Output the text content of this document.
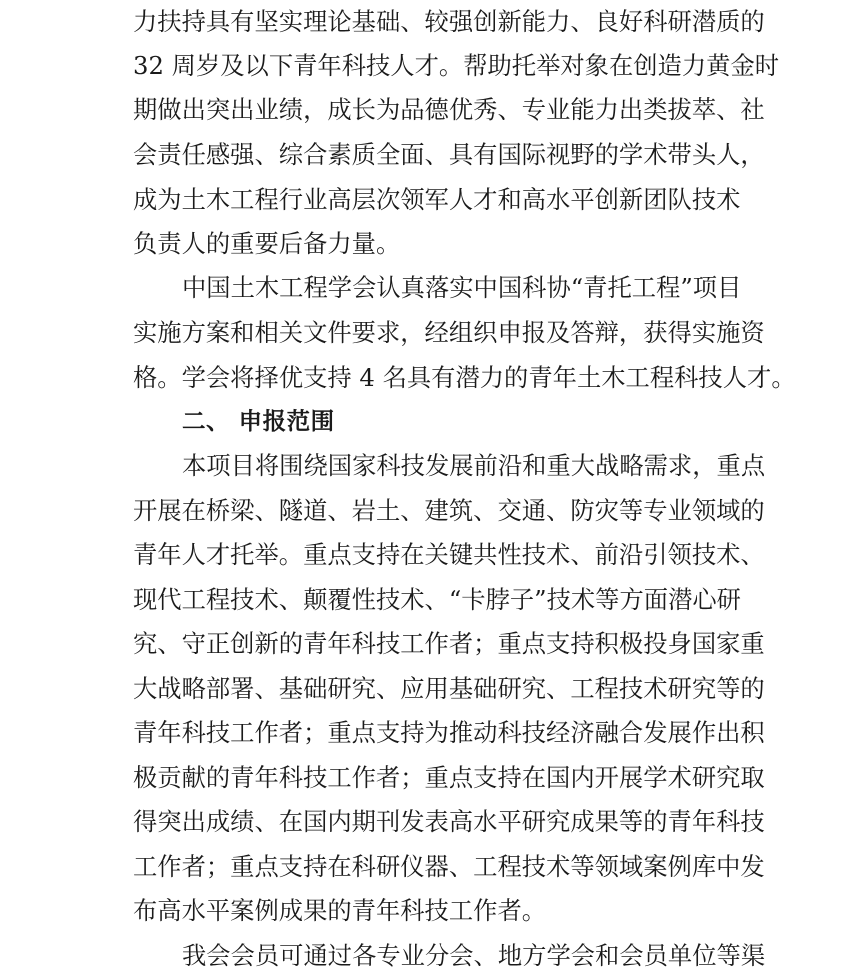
力扶持具有坚实理论基础、较强创新能力、良好科研潜质的
32 周岁及以下青年科技人才。帮助托举对象在创造力黄金时
期做出突出业绩，成长为品德优秀、专业能力出类拔萃、社
会责任感强、综合素质全面、具有国际视野的学术带头人，
成为土木工程行业高层次领军人才和高水平创新团队技术
负责人的重要后备力量。
中国土木工程学会认真落实中国科协“青托工程”项目
实施方案和相关文件要求，经组织申报及答辩，获得实施资
格。学会将择优支持 4 名具有潜力的青年土木工程科技人才。
二、 申报范围
本项目将围绕国家科技发展前沿和重大战略需求，重点
开展在桥梁、隧道、岩土、建筑、交通、防灾等专业领域的
青年人才托举。重点支持在关键共性技术、前沿引领技术、
现代工程技术、颠覆性技术、“卡脖子”技术等方面潜心研
究、守正创新的青年科技工作者；重点支持积极投身国家重
大战略部署、基础研究、应用基础研究、工程技术研究等的
青年科技工作者；重点支持为推动科技经济融合发展作出积
极贡献的青年科技工作者；重点支持在国内开展学术研究取
得突出成绩、在国内期刊发表高水平研究成果等的青年科技
工作者；重点支持在科研仪器、工程技术等领域案例库中发
布高水平案例成果的青年科技工作者。
我会会员可通过各专业分会、地方学会和会员单位等渠
